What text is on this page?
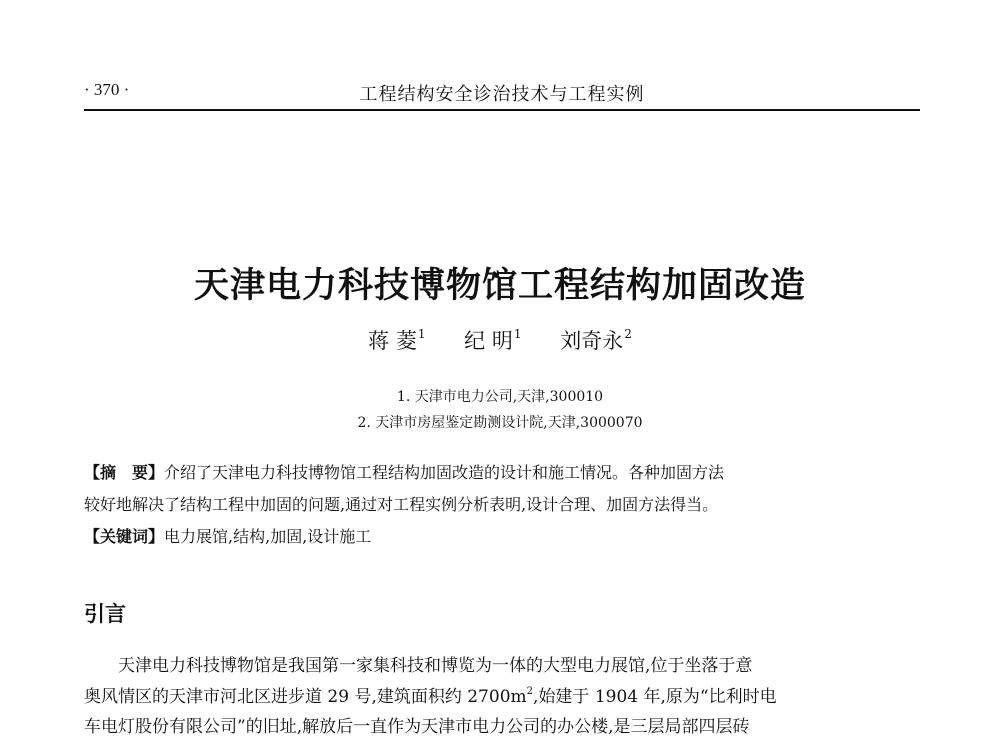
· 370 ·	工程结构安全诊治技术与工程实例
天津电力科技博物馆工程结构加固改造
蒋 菱$^1$ 纪 明$^1$ 刘奇永$^2$
1. 天津市电力公司,天津,300010
2. 天津市房屋鉴定勘测设计院,天津,3000070
【摘　要】介绍了天津电力科技博物馆工程结构加固改造的设计和施工情况。各种加固方法
较好地解决了结构工程中加固的问题,通过对工程实例分析表明,设计合理、加固方法得当。
【关键词】电力展馆,结构,加固,设计施工
引言
天津电力科技博物馆是我国第一家集科技和博览为一体的大型电力展馆,位于坐落于意
奥风情区的天津市河北区进步道 29 号,建筑面积约 $2700m^2$,始建于 1904 年,原为“比利时电
车电灯股份有限公司”的旧址,解放后一直作为天津市电力公司的办公楼,是三层局部四层砖
